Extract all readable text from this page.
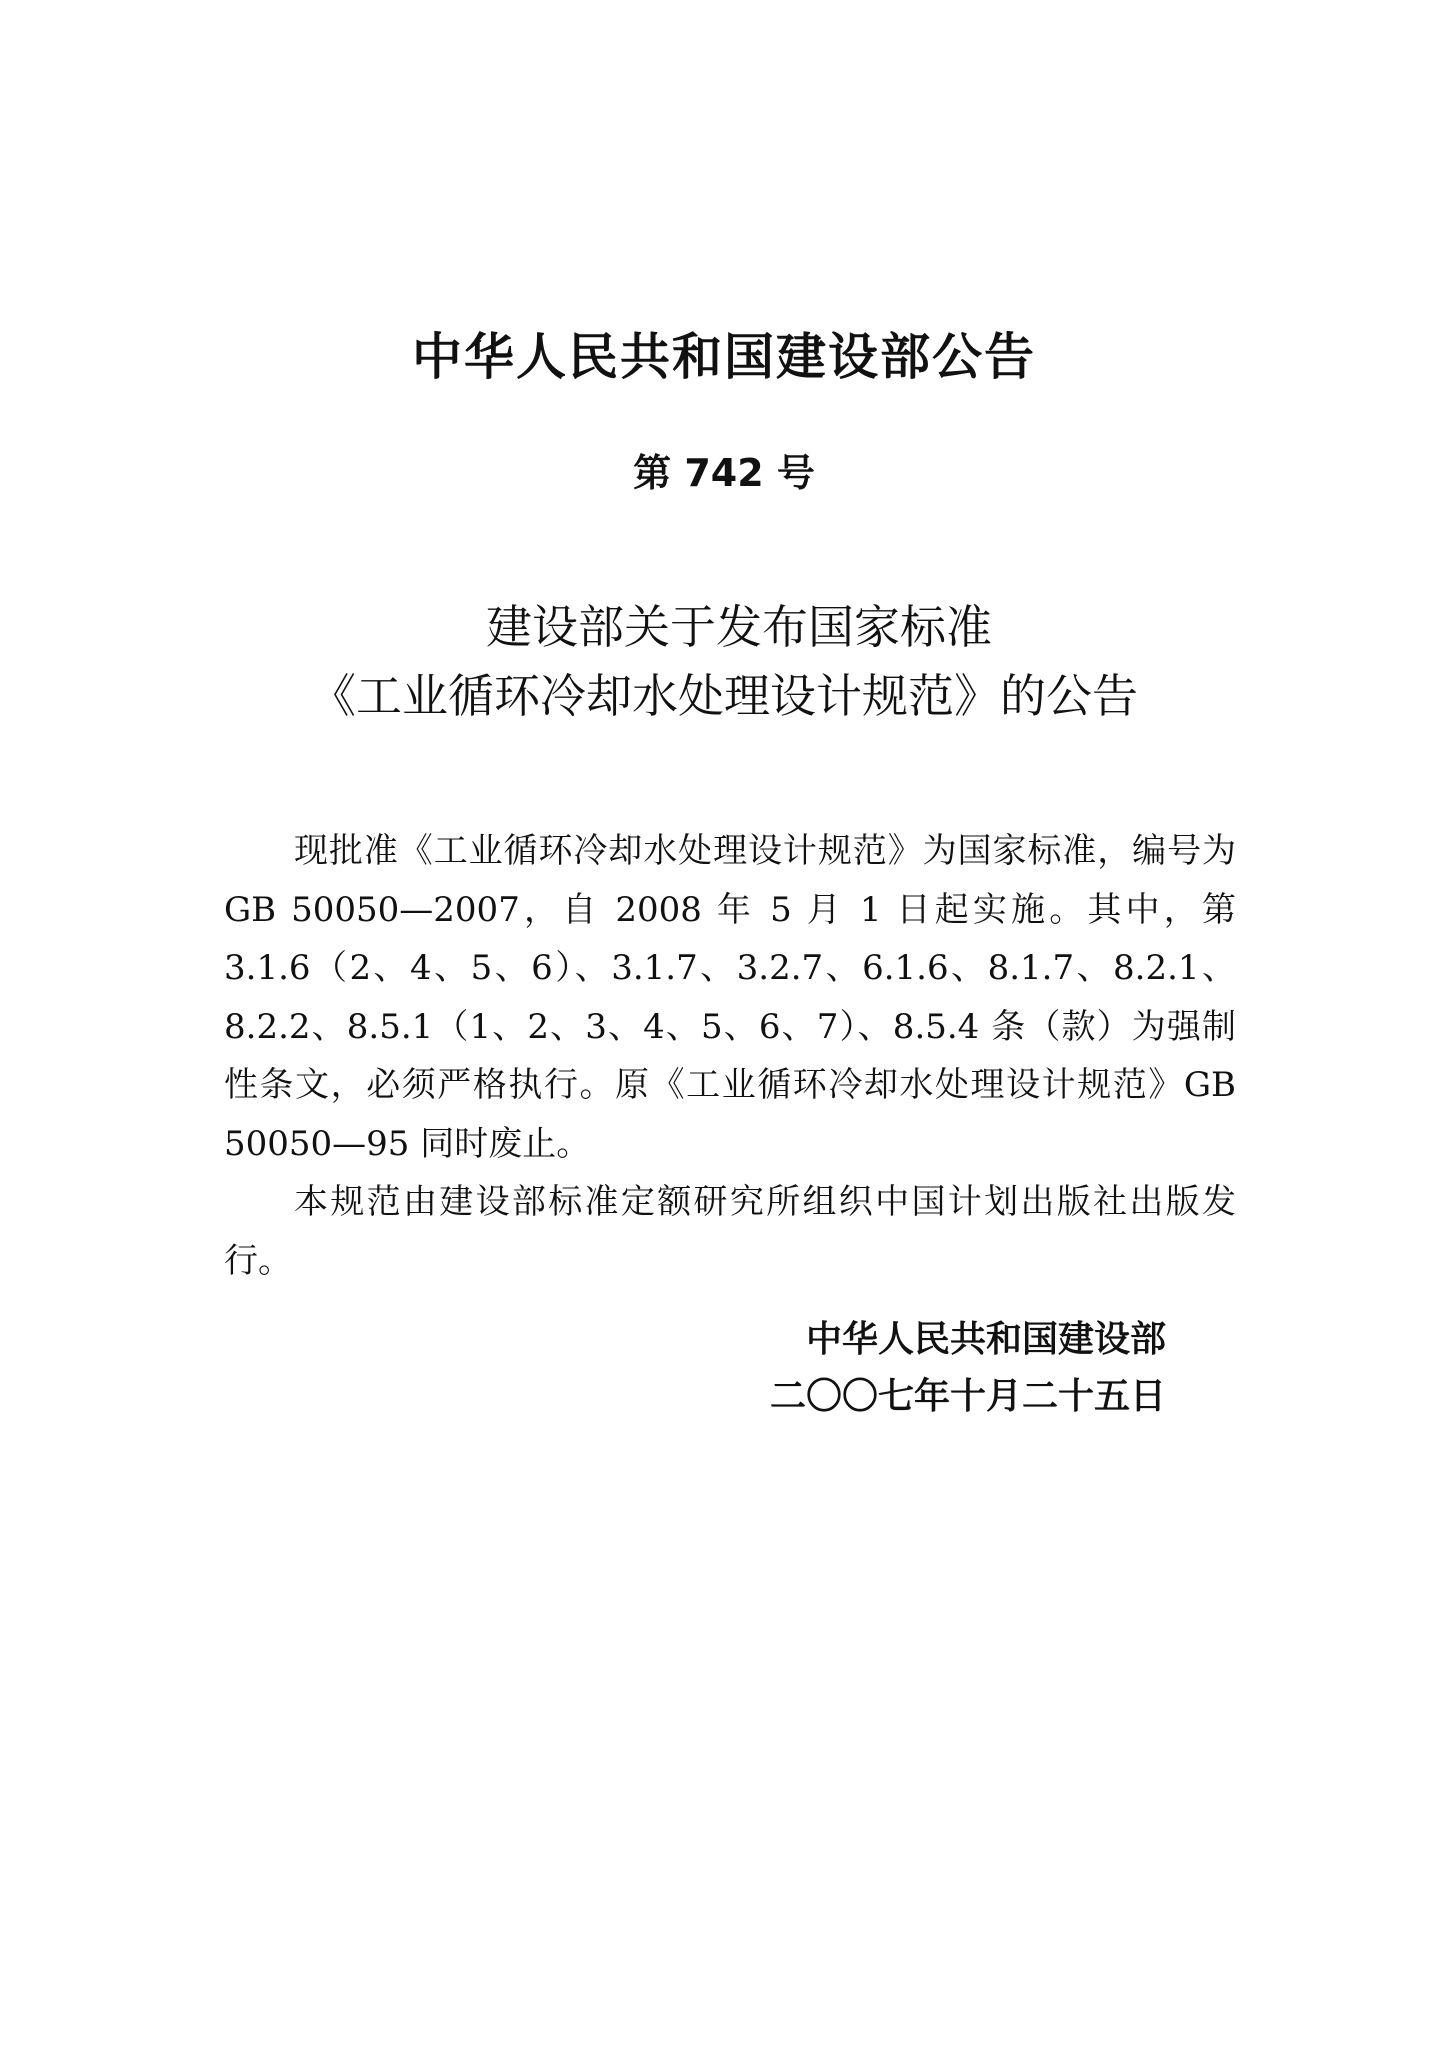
中华人民共和国建设部公告
第 742 号
建设部关于发布国家标准
《工业循环冷却水处理设计规范》的公告

现批准《工业循环冷却水处理设计规范》为国家标准，编号为 GB 50050—2007，自 2008 年 5 月 1 日起实施。其中，第 3.1.6（2、4、5、6）、3.1.7、3.2.7、6.1.6、8.1.7、8.2.1、8.2.2、8.5.1（1、2、3、4、5、6、7）、8.5.4 条（款）为强制性条文，必须严格执行。原《工业循环冷却水处理设计规范》GB 50050—95 同时废止。

本规范由建设部标准定额研究所组织中国计划出版社出版发行。

中华人民共和国建设部
二〇〇七年十月二十五日
